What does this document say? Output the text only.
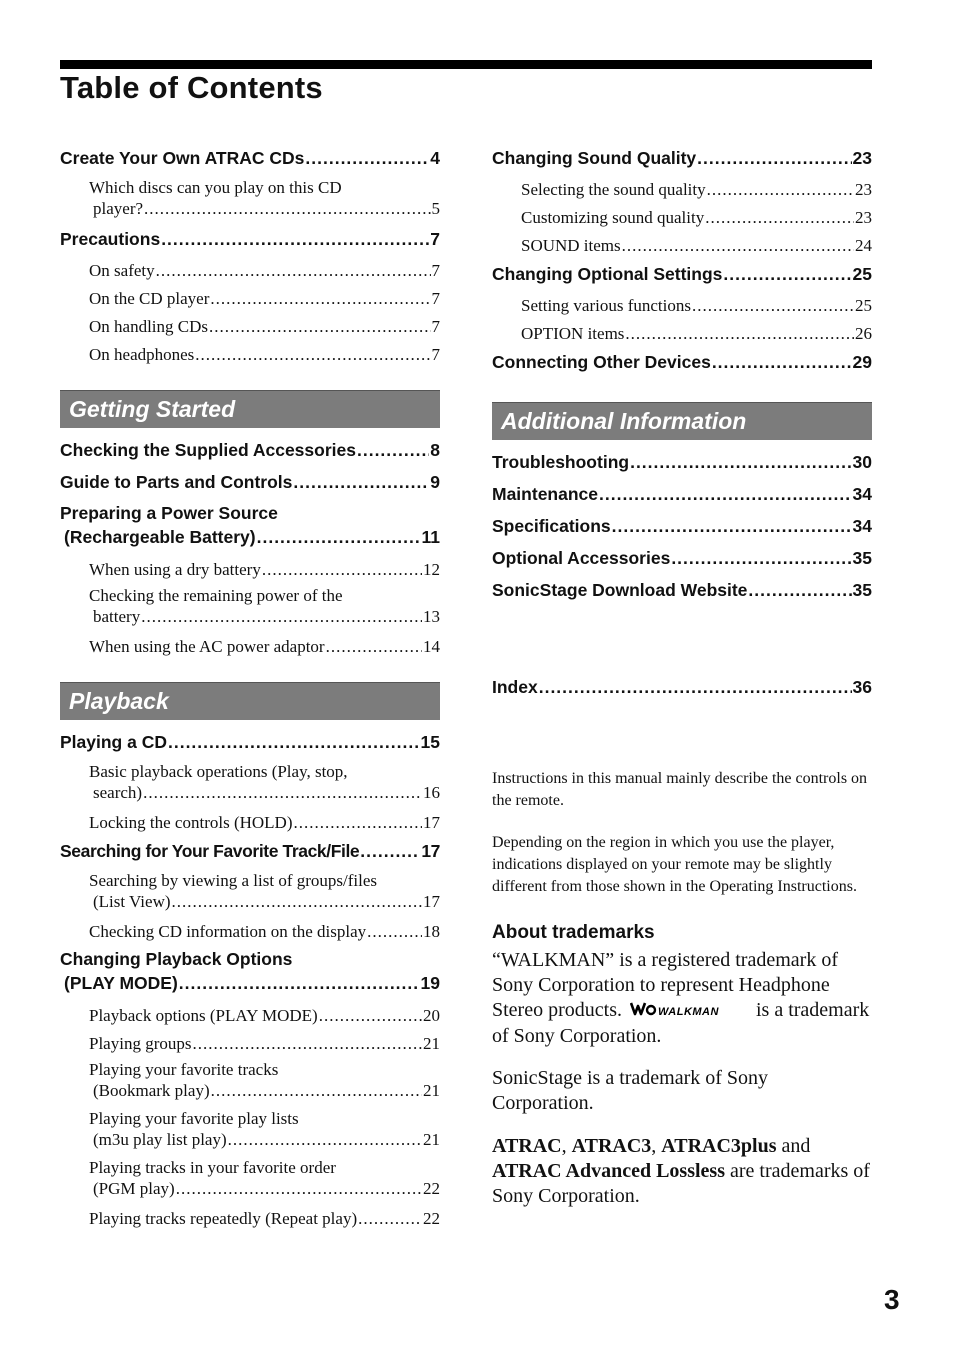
Table of Contents
Create Your Own ATRAC CDs .....	4
Which discs can you play on this CD
player? .....	5
Precautions .....	7
On safety .....	7
On the CD player .....	7
On handling CDs .....	7
On headphones .....	7
Getting Started
Checking the Supplied Accessories .....	8
Guide to Parts and Controls .....	9
Preparing a Power Source
(Rechargeable Battery) .....	11
When using a dry battery .....	12
Checking the remaining power of the
battery .....	13
When using the AC power adaptor .....	14
Playback
Playing a CD .....	15
Basic playback operations (Play, stop,
search) .....	16
Locking the controls (HOLD) .....	17
Searching for Your Favorite Track/File .....	17
Searching by viewing a list of groups/files
(List View) .....	17
Checking CD information on the display .....	18
Changing Playback Options
(PLAY MODE) .....	19
Playback options (PLAY MODE) .....	20
Playing groups .....	21
Playing your favorite tracks
(Bookmark play) .....	21
Playing your favorite play lists
(m3u play list play) .....	21
Playing tracks in your favorite order
(PGM play) .....	22
Playing tracks repeatedly (Repeat play) .....	22
Changing Sound Quality .....	23
Selecting the sound quality .....	23
Customizing sound quality .....	23
SOUND items .....	24
Changing Optional Settings .....	25
Setting various functions .....	25
OPTION items .....	26
Connecting Other Devices .....	29
Additional Information
Troubleshooting .....	30
Maintenance .....	34
Specifications .....	34
Optional Accessories .....	35
SonicStage Download Website .....	35
Index .....	36

Instructions in this manual mainly describe the controls on the remote.

Depending on the region in which you use the player, indications displayed on your remote may be slightly different from those shown in the Operating Instructions.

About trademarks

“WALKMAN” is a registered trademark of Sony Corporation to represent Headphone Stereo products.	WALKMAN is a trademark of Sony Corporation.

SonicStage is a trademark of Sony Corporation.

ATRAC, ATRAC3, ATRAC3plus and
ATRAC Advanced Lossless are trademarks of Sony Corporation.

3
